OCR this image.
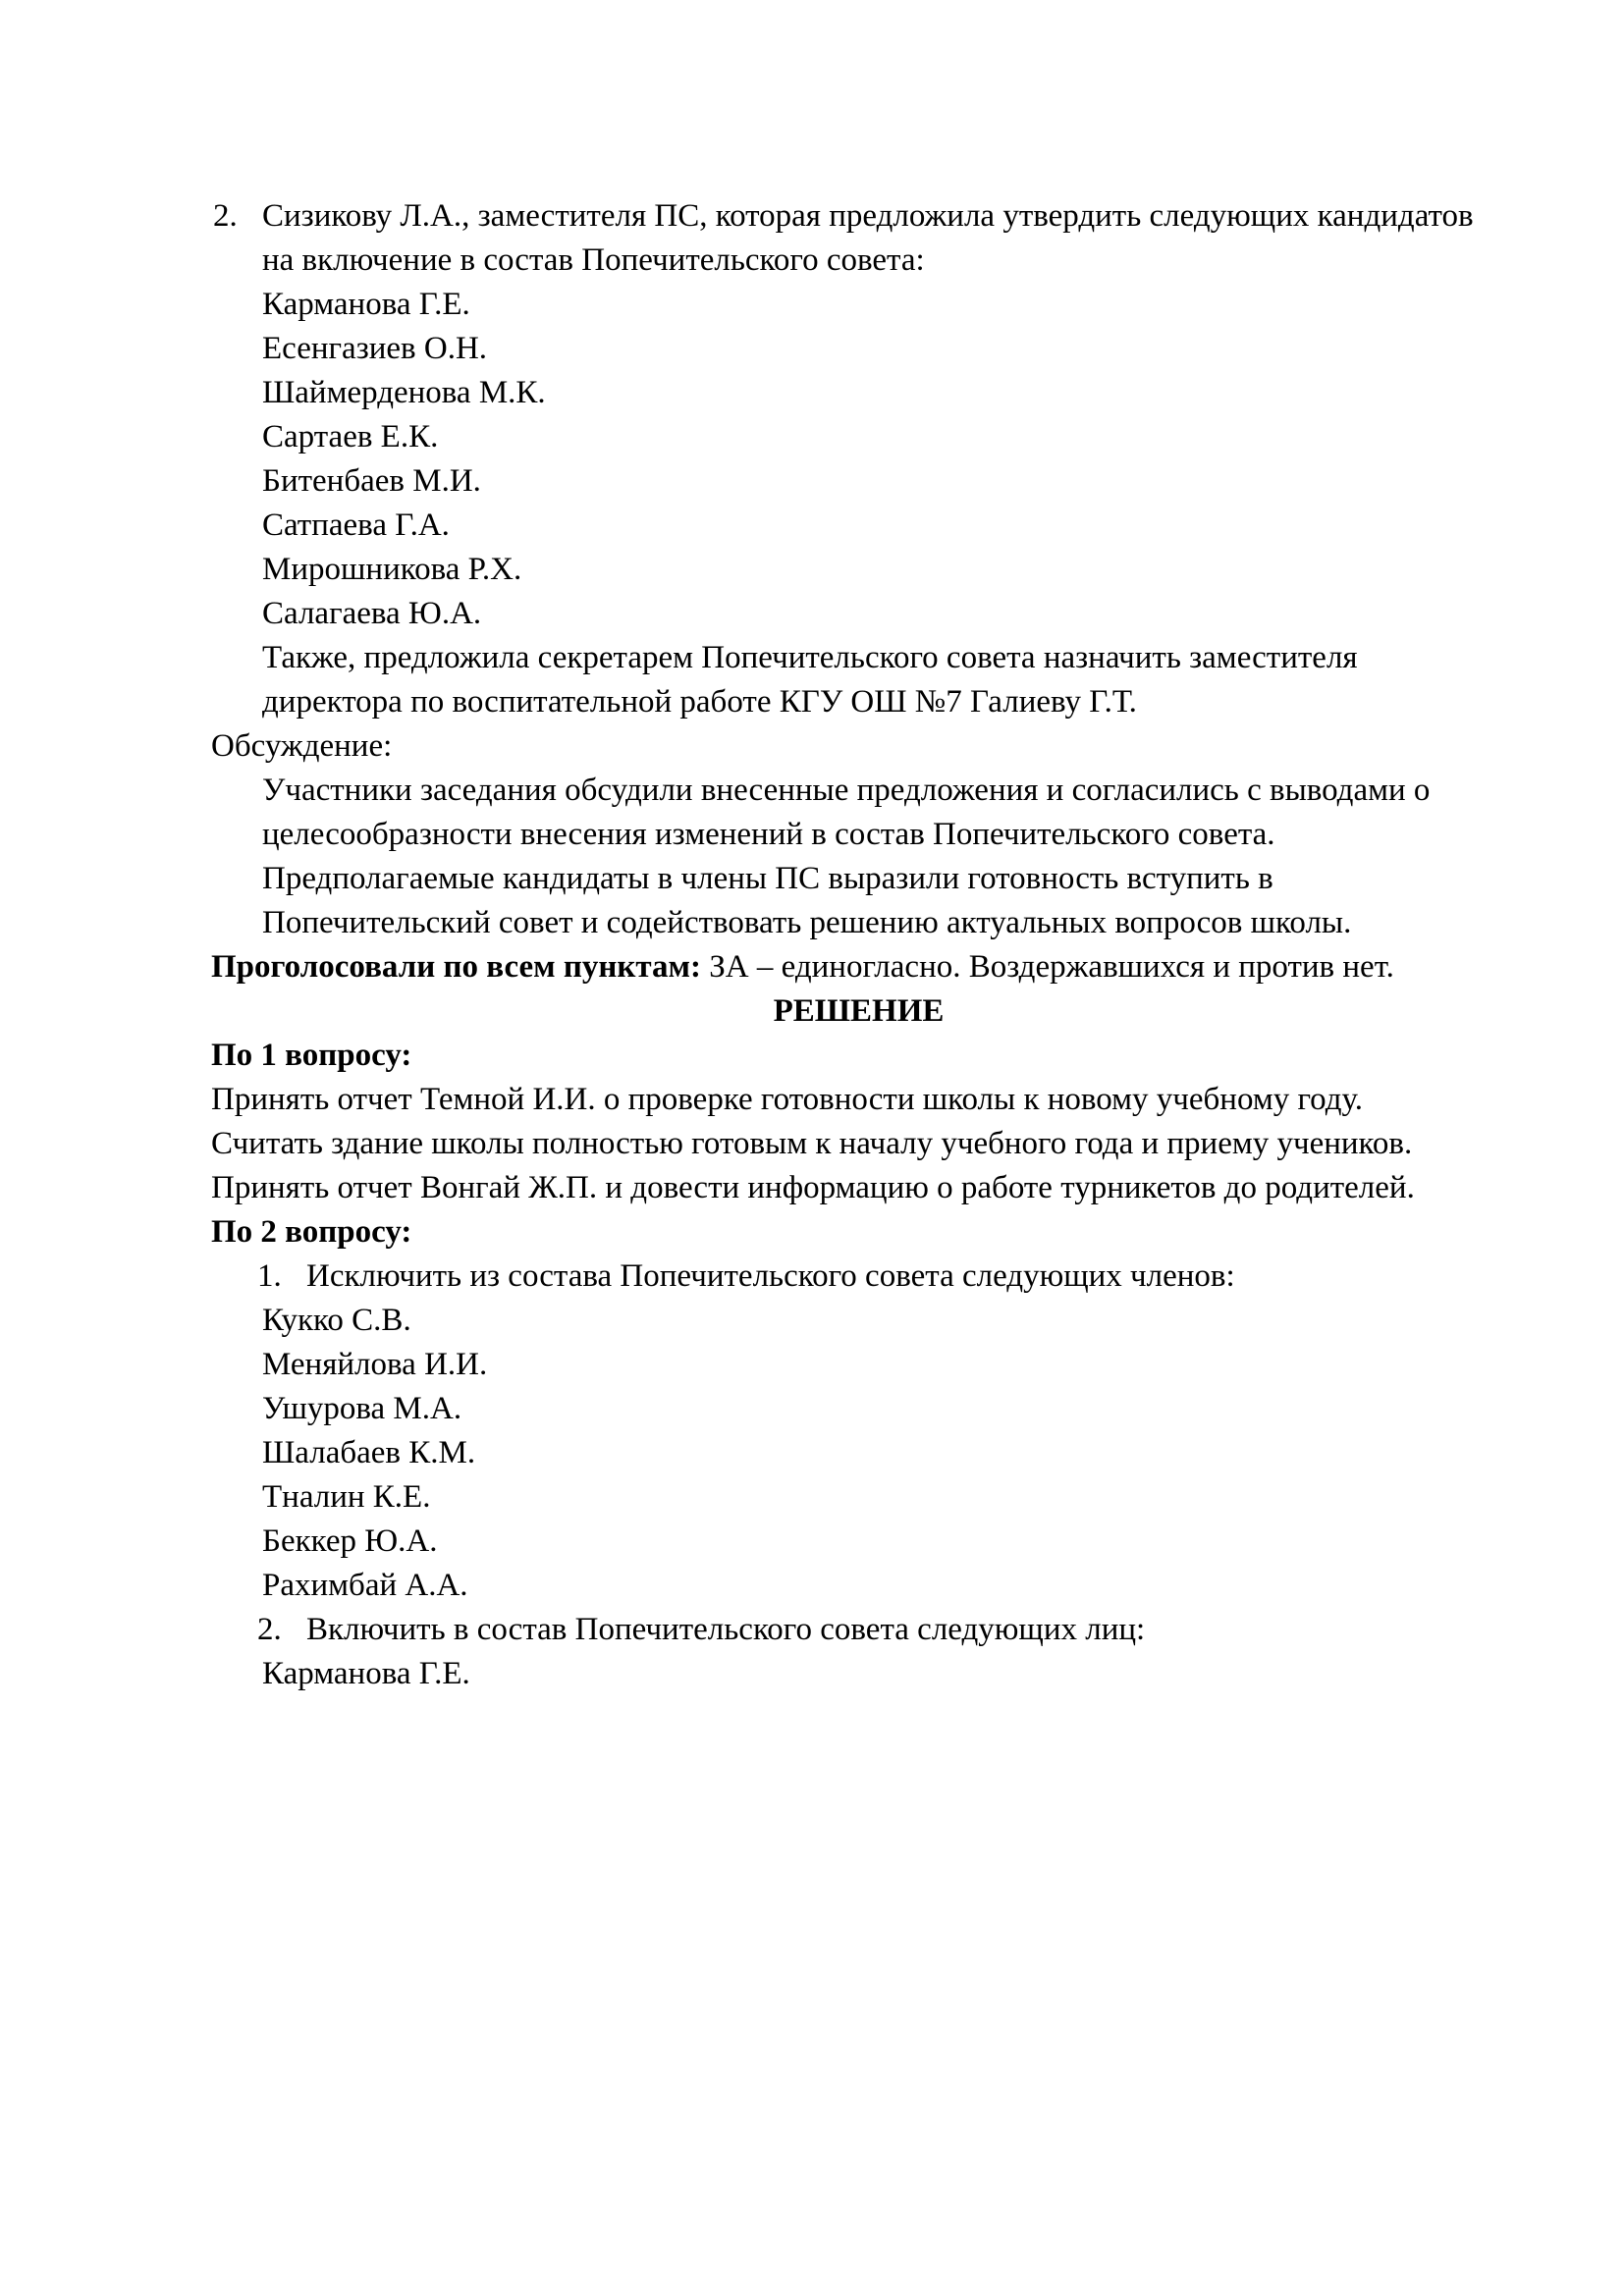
2. Сизикову Л.А., заместителя ПС, которая предложила утвердить следующих кандидатов

на включение в состав Попечительского совета:

Карманова Г.Е.

Есенгазиев О.Н.

Шаймерденова М.К.

Сартаев Е.К.

Битенбаев М.И.

Сатпаева Г.А.

Мирошникова Р.Х.

Салагаева Ю.А.

Также, предложила секретарем Попечительского совета назначить заместителя

директора по воспитательной работе КГУ ОШ №7 Галиеву Г.Т.

Обсуждение:

Участники заседания обсудили внесенные предложения и согласились с выводами о

целесообразности внесения изменений в состав Попечительского совета.

Предполагаемые кандидаты в члены ПС выразили готовность вступить в

Попечительский совет и содействовать решению актуальных вопросов школы.

Проголосовали по всем пунктам: ЗА – единогласно. Воздержавшихся и против нет.

РЕШЕНИЕ

По 1 вопросу:

Принять отчет Темной И.И. о проверке готовности школы к новому учебному году.

Считать здание школы полностью готовым к началу учебного года и приему учеников.

Принять отчет Вонгай Ж.П. и довести информацию о работе турникетов до родителей.

По 2 вопросу:

1. Исключить из состава Попечительского совета следующих членов:

Кукко С.В.

Меняйлова И.И.

Ушурова М.А.

Шалабаев К.М.

Тналин К.Е.

Беккер Ю.А.

Рахимбай А.А.

2. Включить в состав Попечительского совета следующих лиц:

Карманова Г.Е.
